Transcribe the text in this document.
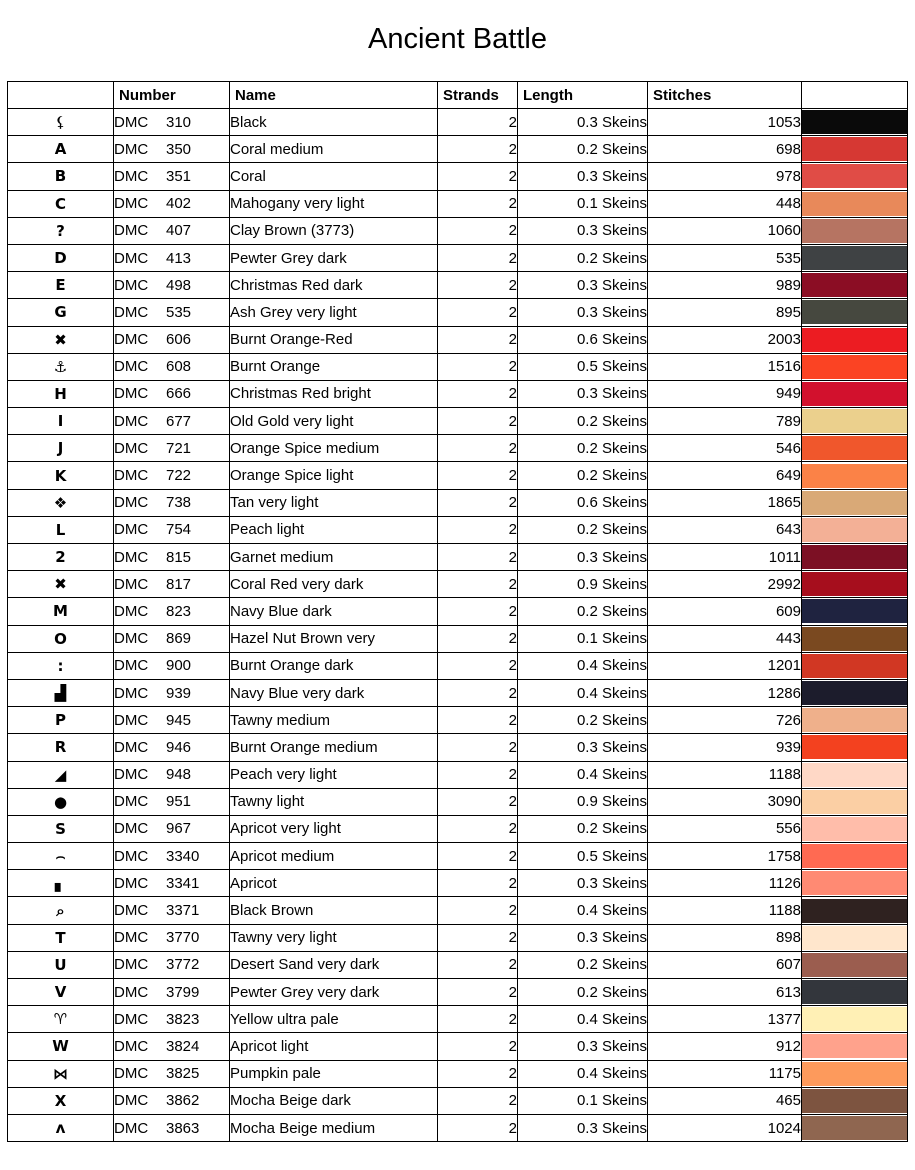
Ancient Battle
	Number	Name	Strands	Length	Stitches	
⚸	DMC 310	Black	2	0.3 Skeins	1053	

A	DMC 350	Coral medium	2	0.2 Skeins	698	

B	DMC 351	Coral	2	0.3 Skeins	978	

C	DMC 402	Mahogany very light	2	0.1 Skeins	448	

?	DMC 407	Clay Brown (3773)	2	0.3 Skeins	1060	

D	DMC 413	Pewter Grey dark	2	0.2 Skeins	535	

E	DMC 498	Christmas Red dark	2	0.3 Skeins	989	

G	DMC 535	Ash Grey very light	2	0.3 Skeins	895	

✖	DMC 606	Burnt Orange-Red	2	0.6 Skeins	2003	

⚓	DMC 608	Burnt Orange	2	0.5 Skeins	1516	

H	DMC 666	Christmas Red bright	2	0.3 Skeins	949	

I	DMC 677	Old Gold very light	2	0.2 Skeins	789	

J	DMC 721	Orange Spice medium	2	0.2 Skeins	546	

K	DMC 722	Orange Spice light	2	0.2 Skeins	649	

❖	DMC 738	Tan very light	2	0.6 Skeins	1865	

L	DMC 754	Peach light	2	0.2 Skeins	643	

2	DMC 815	Garnet medium	2	0.3 Skeins	1011	

✖	DMC 817	Coral Red very dark	2	0.9 Skeins	2992	

M	DMC 823	Navy Blue dark	2	0.2 Skeins	609	

O	DMC 869	Hazel Nut Brown very	2	0.1 Skeins	443	

:	DMC 900	Burnt Orange dark	2	0.4 Skeins	1201	

▟	DMC 939	Navy Blue very dark	2	0.4 Skeins	1286	

P	DMC 945	Tawny medium	2	0.2 Skeins	726	

R	DMC 946	Burnt Orange medium	2	0.3 Skeins	939	

◢	DMC 948	Peach very light	2	0.4 Skeins	1188	

●	DMC 951	Tawny light	2	0.9 Skeins	3090	

S	DMC 967	Apricot very light	2	0.2 Skeins	556	

⌢	DMC 3340	Apricot medium	2	0.5 Skeins	1758	

▖	DMC 3341	Apricot	2	0.3 Skeins	1126	

⌕	DMC 3371	Black Brown	2	0.4 Skeins	1188	

T	DMC 3770	Tawny very light	2	0.3 Skeins	898	

U	DMC 3772	Desert Sand very dark	2	0.2 Skeins	607	

V	DMC 3799	Pewter Grey very dark	2	0.2 Skeins	613	

♈	DMC 3823	Yellow ultra pale	2	0.4 Skeins	1377	

W	DMC 3824	Apricot light	2	0.3 Skeins	912	

⋈	DMC 3825	Pumpkin pale	2	0.4 Skeins	1175	

X	DMC 3862	Mocha Beige dark	2	0.1 Skeins	465	

ʌ	DMC 3863	Mocha Beige medium	2	0.3 Skeins	1024	
